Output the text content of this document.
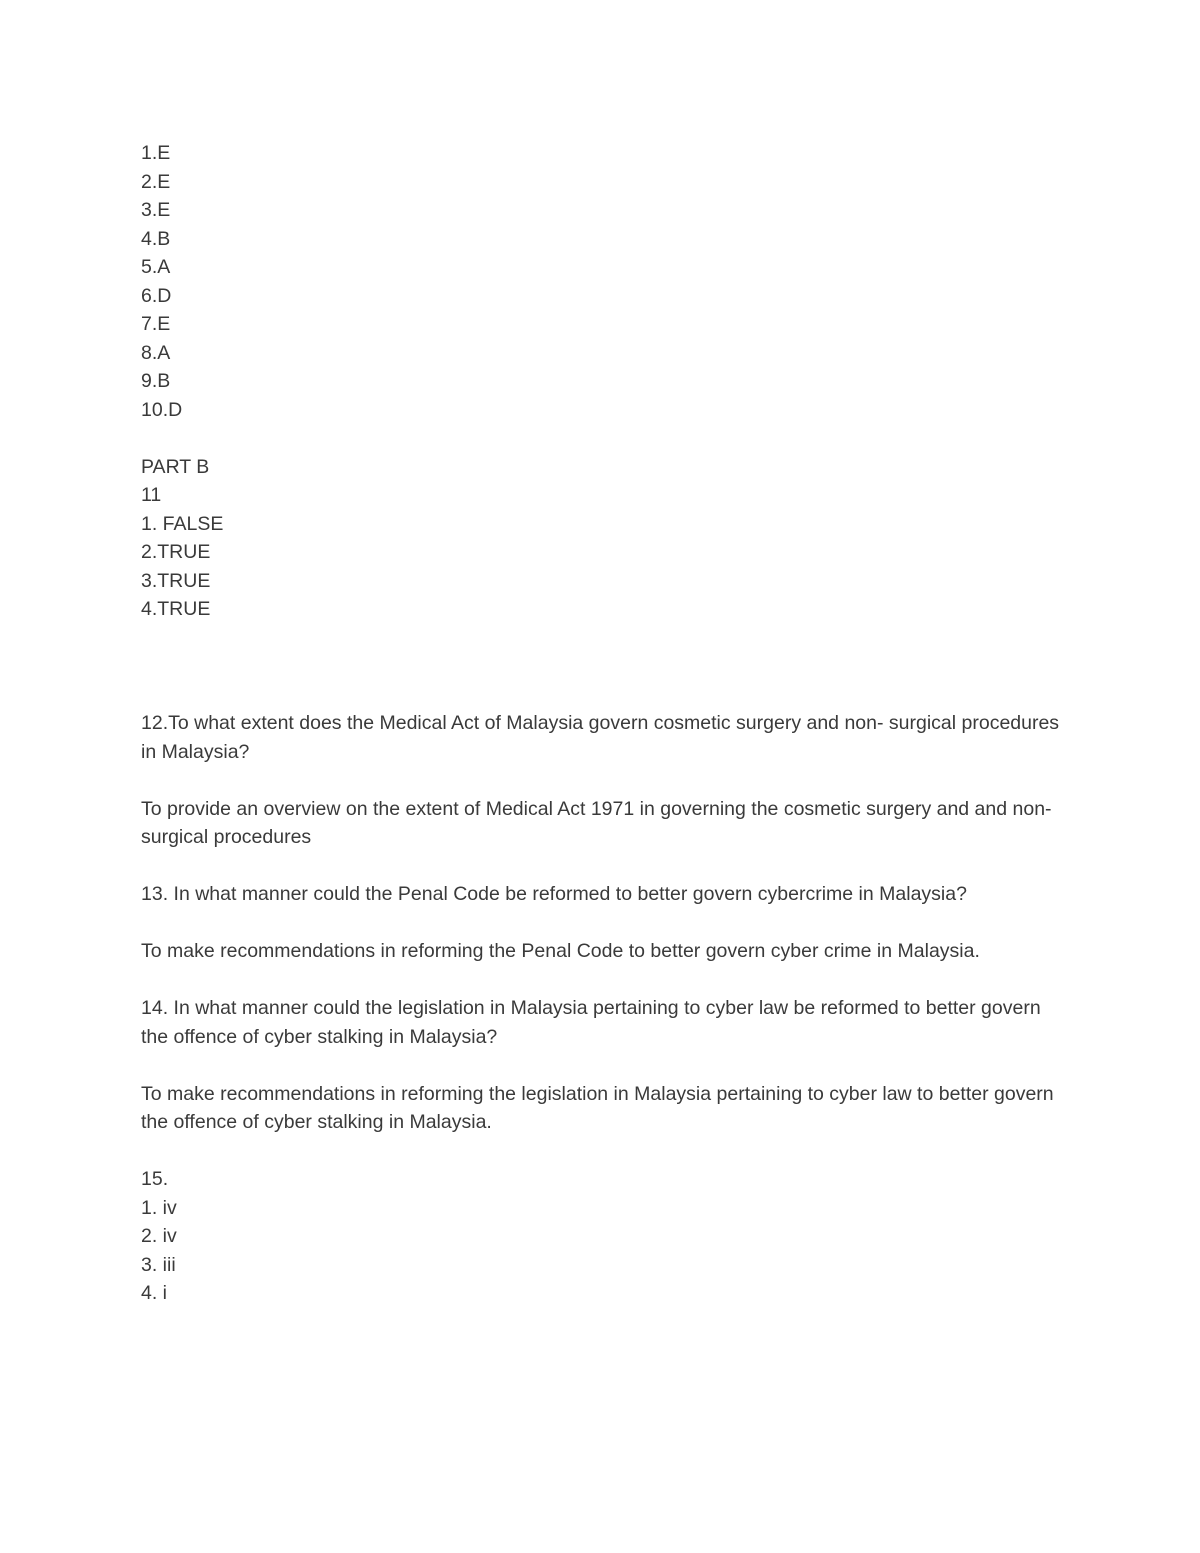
1.E
2.E
3.E
4.B
5.A
6.D
7.E
8.A
9.B
10.D
PART B
11
1. FALSE
2.TRUE
3.TRUE
4.TRUE
12.To what extent does the Medical Act of Malaysia govern cosmetic surgery and non- surgical procedures in Malaysia?
To provide an overview on the extent of Medical Act 1971 in governing the cosmetic surgery and and non- surgical procedures
13. In what manner could the Penal Code be reformed to better govern cybercrime in Malaysia?
To make recommendations in reforming the Penal Code to better govern cyber crime in Malaysia.
14. In what manner could the legislation in Malaysia pertaining to cyber law be reformed to better govern the offence of cyber stalking in Malaysia?
To make recommendations in reforming the legislation in Malaysia pertaining to cyber law to better govern the offence of cyber stalking in Malaysia.
15.
1. iv
2. iv
3. iii
4. i
